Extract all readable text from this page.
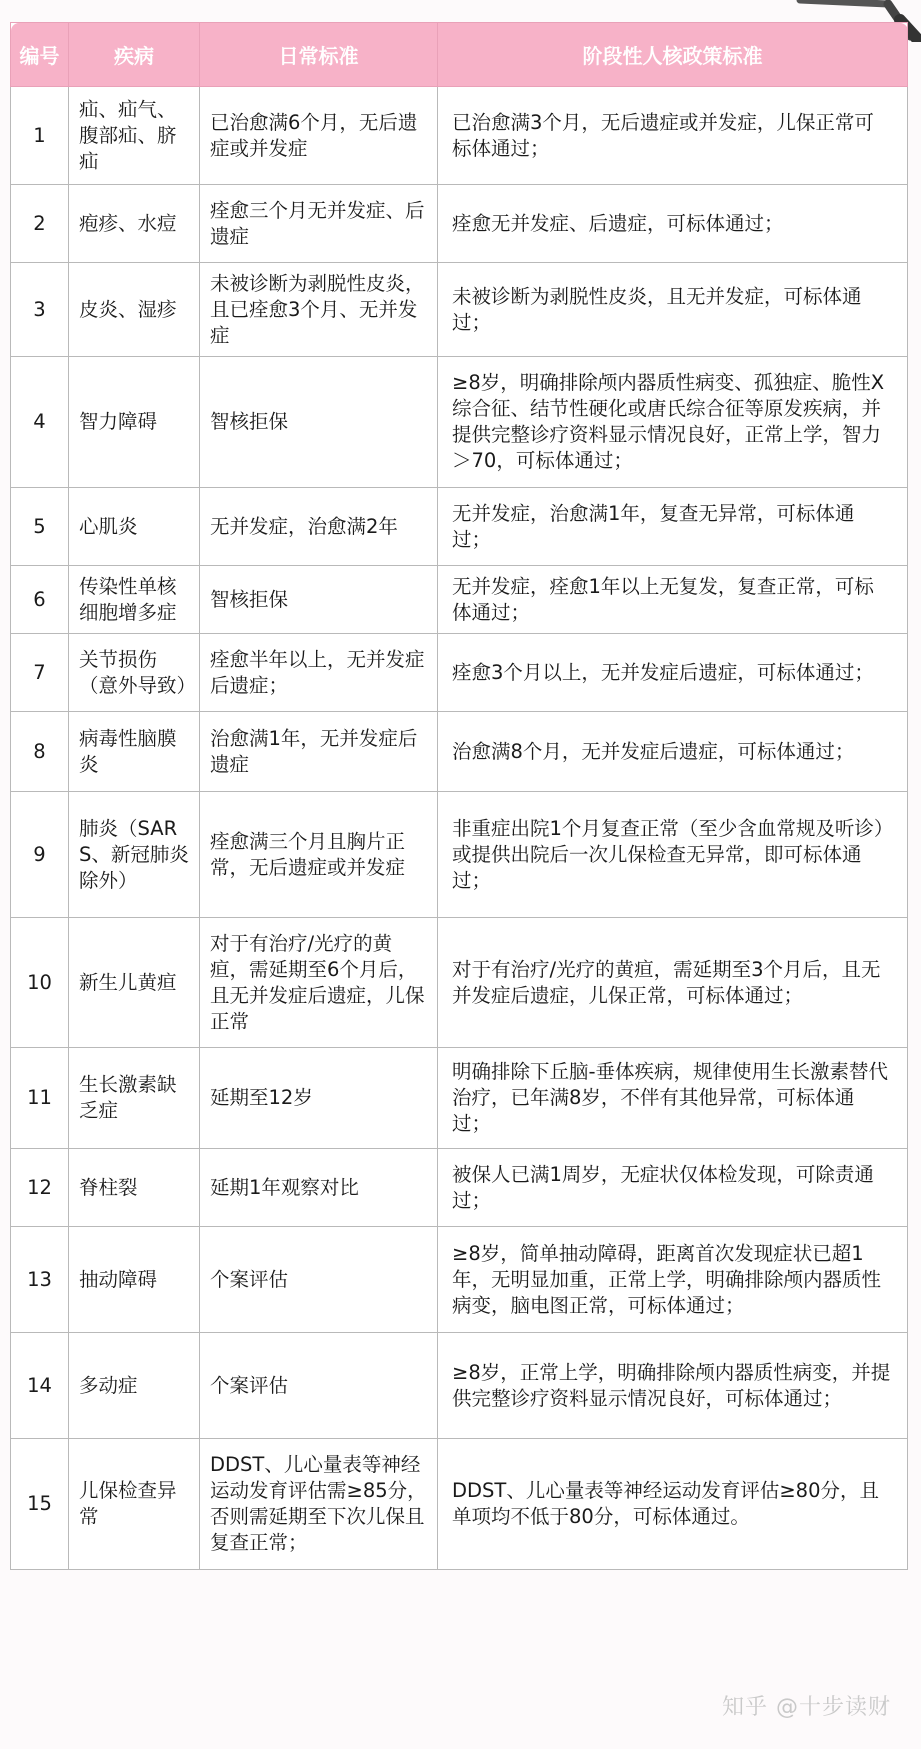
编号	疾病	日常标准	阶段性人核政策标准
1	疝、疝气、腹部疝、脐疝	已治愈满6个月，无后遗症或并发症	已治愈满3个月，无后遗症或并发症，儿保正常可标体通过；
2	疱疹、水痘	痊愈三个月无并发症、后遗症	痊愈无并发症、后遗症，可标体通过；
3	皮炎、湿疹	未被诊断为剥脱性皮炎，且已痊愈3个月、无并发症	未被诊断为剥脱性皮炎，且无并发症，可标体通过；
4	智力障碍	智核拒保	≥8岁，明确排除颅内器质性病变、孤独症、脆性X综合征、结节性硬化或唐氏综合征等原发疾病，并提供完整诊疗资料显示情况良好，正常上学，智力＞70，可标体通过；
5	心肌炎	无并发症，治愈满2年	无并发症，治愈满1年，复查无异常，可标体通过；
6	传染性单核细胞增多症	智核拒保	无并发症，痊愈1年以上无复发，复查正常，可标体通过；
7	关节损伤（意外导致）	痊愈半年以上，无并发症后遗症；	痊愈3个月以上，无并发症后遗症，可标体通过；
8	病毒性脑膜炎	治愈满1年，无并发症后遗症	治愈满8个月，无并发症后遗症，可标体通过；
9	肺炎（SARS、新冠肺炎除外）	痊愈满三个月且胸片正常，无后遗症或并发症	非重症出院1个月复查正常（至少含血常规及听诊）或提供出院后一次儿保检查无异常，即可标体通过；
10	新生儿黄疸	对于有治疗/光疗的黄疸，需延期至6个月后，且无并发症后遗症，儿保正常	对于有治疗/光疗的黄疸，需延期至3个月后，且无并发症后遗症，儿保正常，可标体通过；
11	生长激素缺乏症	延期至12岁	明确排除下丘脑-垂体疾病，规律使用生长激素替代治疗，已年满8岁，不伴有其他异常，可标体通过；
12	脊柱裂	延期1年观察对比	被保人已满1周岁，无症状仅体检发现，可除责通过；
13	抽动障碍	个案评估	≥8岁，简单抽动障碍，距离首次发现症状已超1年，无明显加重，正常上学，明确排除颅内器质性病变，脑电图正常，可标体通过；
14	多动症	个案评估	≥8岁，正常上学，明确排除颅内器质性病变，并提供完整诊疗资料显示情况良好，可标体通过；
15	儿保检查异常	DDST、儿心量表等神经运动发育评估需≥85分，否则需延期至下次儿保且复查正常；	DDST、儿心量表等神经运动发育评估≥80分，且单项均不低于80分，可标体通过。
知乎 @十步读财
